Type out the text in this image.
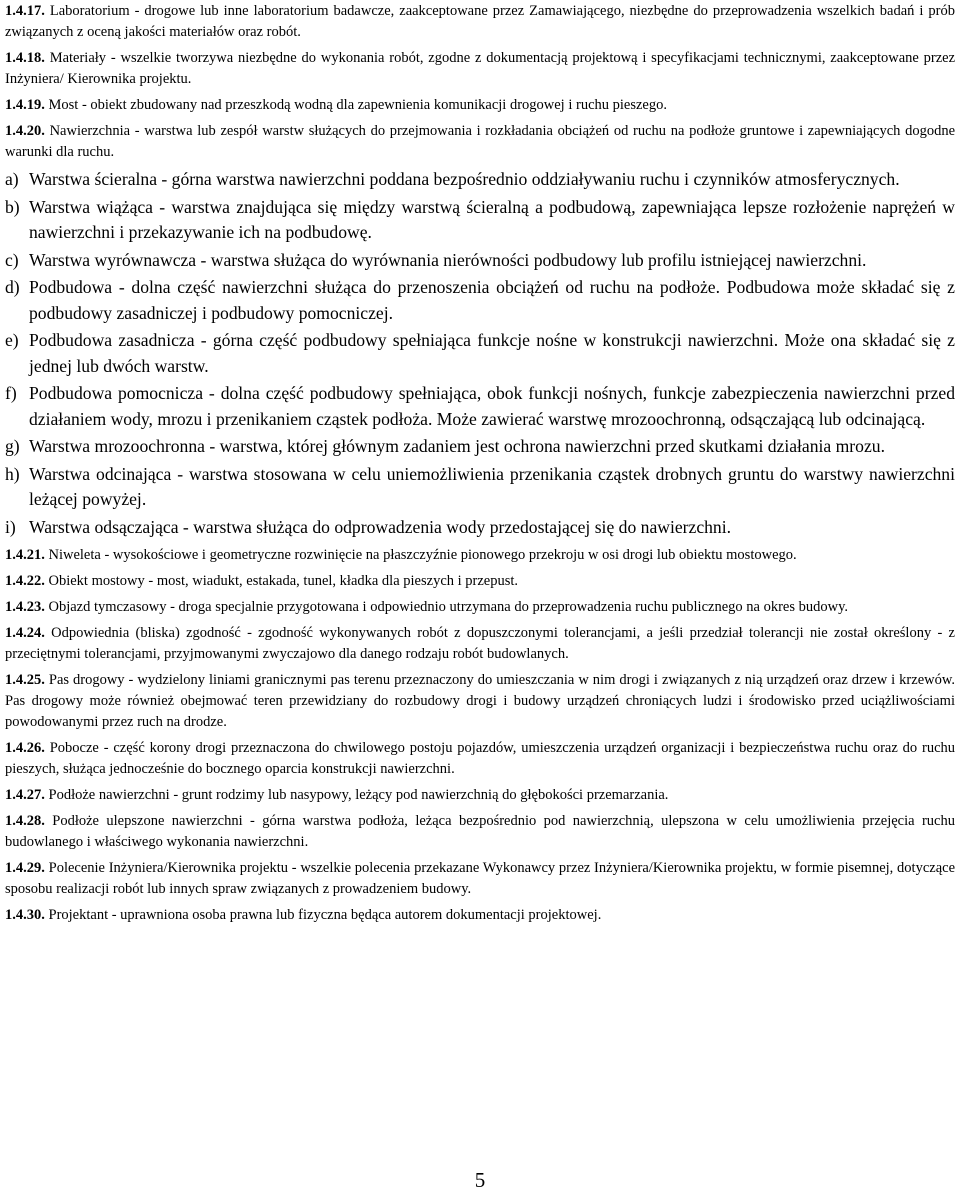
1.4.17. Laboratorium - drogowe lub inne laboratorium badawcze, zaakceptowane przez Zamawiającego, niezbędne do przeprowadzenia wszelkich badań i prób związanych z oceną jakości materiałów oraz robót.

1.4.18. Materiały - wszelkie tworzywa niezbędne do wykonania robót, zgodne z dokumentacją projektową i specyfikacjami technicznymi, zaakceptowane przez Inżyniera/ Kierownika projektu.

1.4.19. Most - obiekt zbudowany nad przeszkodą wodną dla zapewnienia komunikacji drogowej i ruchu pieszego.

1.4.20. Nawierzchnia - warstwa lub zespół warstw służących do przejmowania i rozkładania obciążeń od ruchu na podłoże gruntowe i zapewniających dogodne warunki dla ruchu.

a) Warstwa ścieralna - górna warstwa nawierzchni poddana bezpośrednio oddziaływaniu ruchu i czynników atmosferycznych.

b) Warstwa wiążąca - warstwa znajdująca się między warstwą ścieralną a podbudową, zapewniająca lepsze rozłożenie naprężeń w nawierzchni i przekazywanie ich na podbudowę.

c) Warstwa wyrównawcza - warstwa służąca do wyrównania nierówności podbudowy lub profilu istniejącej nawierzchni.

d) Podbudowa - dolna część nawierzchni służąca do przenoszenia obciążeń od ruchu na podłoże. Podbudowa może składać się z podbudowy zasadniczej i podbudowy pomocniczej.

e) Podbudowa zasadnicza - górna część podbudowy spełniająca funkcje nośne w konstrukcji nawierzchni. Może ona składać się z jednej lub dwóch warstw.

f) Podbudowa pomocnicza - dolna część podbudowy spełniająca, obok funkcji nośnych, funkcje zabezpieczenia nawierzchni przed działaniem wody, mrozu i przenikaniem cząstek podłoża. Może zawierać warstwę mrozoochronną, odsączającą lub odcinającą.

g) Warstwa mrozoochronna - warstwa, której głównym zadaniem jest ochrona nawierzchni przed skutkami działania mrozu.

h) Warstwa odcinająca - warstwa stosowana w celu uniemożliwienia przenikania cząstek drobnych gruntu do warstwy nawierzchni leżącej powyżej.

i) Warstwa odsączająca - warstwa służąca do odprowadzenia wody przedostającej się do nawierzchni.

1.4.21. Niweleta - wysokościowe i geometryczne rozwinięcie na płaszczyźnie pionowego przekroju w osi drogi lub obiektu mostowego.

1.4.22. Obiekt mostowy - most, wiadukt, estakada, tunel, kładka dla pieszych i przepust.

1.4.23. Objazd tymczasowy - droga specjalnie przygotowana i odpowiednio utrzymana do przeprowadzenia ruchu publicznego na okres budowy.

1.4.24. Odpowiednia (bliska) zgodność - zgodność wykonywanych robót z dopuszczonymi tolerancjami, a jeśli przedział tolerancji nie został określony - z przeciętnymi tolerancjami, przyjmowanymi zwyczajowo dla danego rodzaju robót budowlanych.

1.4.25. Pas drogowy - wydzielony liniami granicznymi pas terenu przeznaczony do umieszczania w nim drogi i związanych z nią urządzeń oraz drzew i krzewów. Pas drogowy może również obejmować teren przewidziany do rozbudowy drogi i budowy urządzeń chroniących ludzi i środowisko przed uciążliwościami powodowanymi przez ruch na drodze.

1.4.26. Pobocze - część korony drogi przeznaczona do chwilowego postoju pojazdów, umieszczenia urządzeń organizacji i bezpieczeństwa ruchu oraz do ruchu pieszych, służąca jednocześnie do bocznego oparcia konstrukcji nawierzchni.

1.4.27. Podłoże nawierzchni - grunt rodzimy lub nasypowy, leżący pod nawierzchnią do głębokości przemarzania.

1.4.28. Podłoże ulepszone nawierzchni - górna warstwa podłoża, leżąca bezpośrednio pod nawierzchnią, ulepszona w celu umożliwienia przejęcia ruchu budowlanego i właściwego wykonania nawierzchni.

1.4.29. Polecenie Inżyniera/Kierownika projektu - wszelkie polecenia przekazane Wykonawcy przez Inżyniera/Kierownika projektu, w formie pisemnej, dotyczące sposobu realizacji robót lub innych spraw związanych z prowadzeniem budowy.

1.4.30. Projektant - uprawniona osoba prawna lub fizyczna będąca autorem dokumentacji projektowej.

5
